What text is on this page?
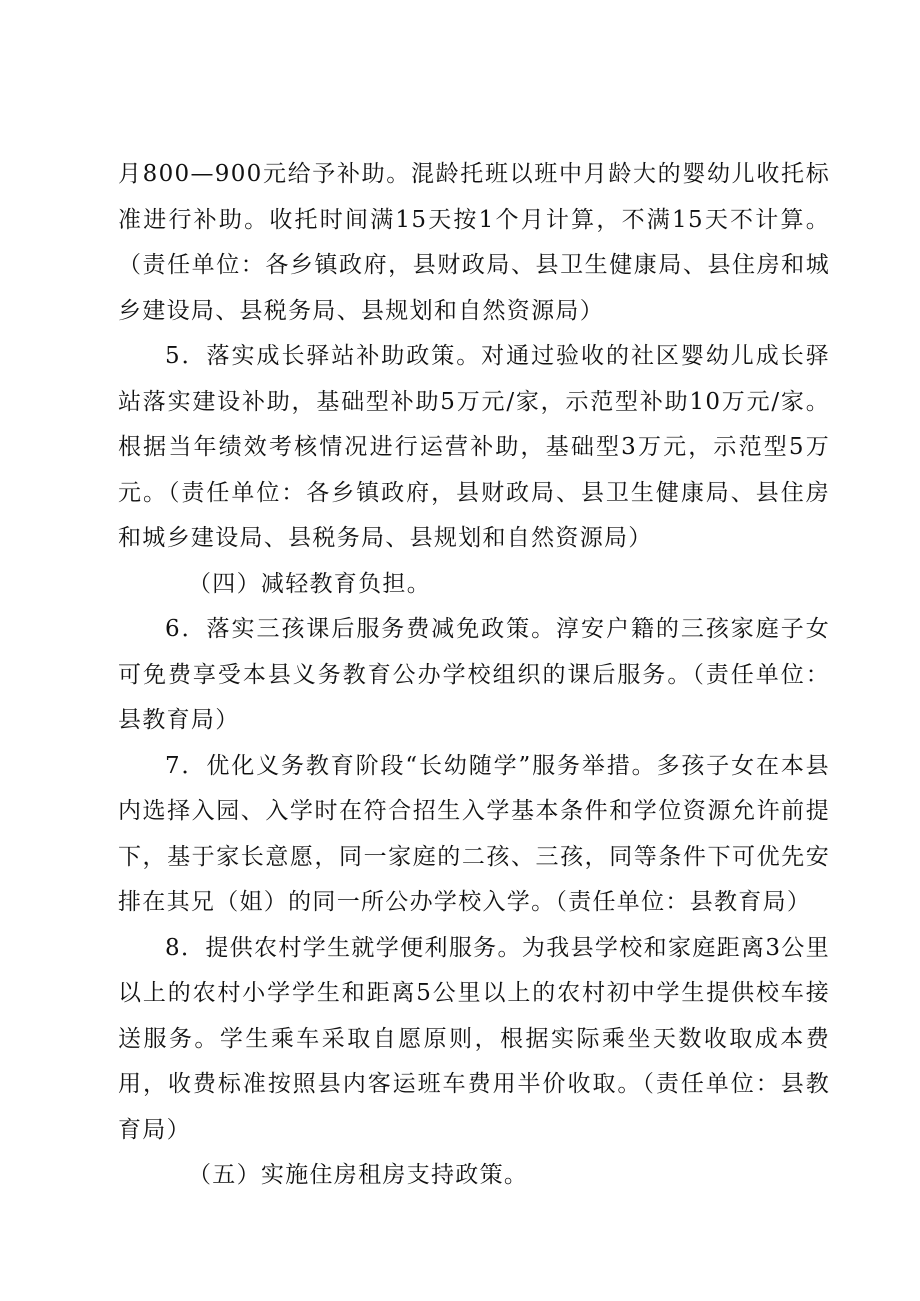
月800—900元给予补助。混龄托班以班中月龄大的婴幼儿收托标准进行补助。收托时间满15天按1个月计算，不满15天不计算。（责任单位：各乡镇政府，县财政局、县卫生健康局、县住房和城乡建设局、县税务局、县规划和自然资源局）

5．落实成长驿站补助政策。对通过验收的社区婴幼儿成长驿站落实建设补助，基础型补助5万元/家，示范型补助10万元/家。根据当年绩效考核情况进行运营补助，基础型3万元，示范型5万元。（责任单位：各乡镇政府，县财政局、县卫生健康局、县住房和城乡建设局、县税务局、县规划和自然资源局）

（四）减轻教育负担。

6．落实三孩课后服务费减免政策。淳安户籍的三孩家庭子女可免费享受本县义务教育公办学校组织的课后服务。（责任单位：县教育局）

7．优化义务教育阶段“长幼随学”服务举措。多孩子女在本县内选择入园、入学时在符合招生入学基本条件和学位资源允许前提下，基于家长意愿，同一家庭的二孩、三孩，同等条件下可优先安排在其兄（姐）的同一所公办学校入学。（责任单位：县教育局）

8．提供农村学生就学便利服务。为我县学校和家庭距离3公里以上的农村小学学生和距离5公里以上的农村初中学生提供校车接送服务。学生乘车采取自愿原则，根据实际乘坐天数收取成本费用，收费标准按照县内客运班车费用半价收取。（责任单位：县教育局）

（五）实施住房租房支持政策。
